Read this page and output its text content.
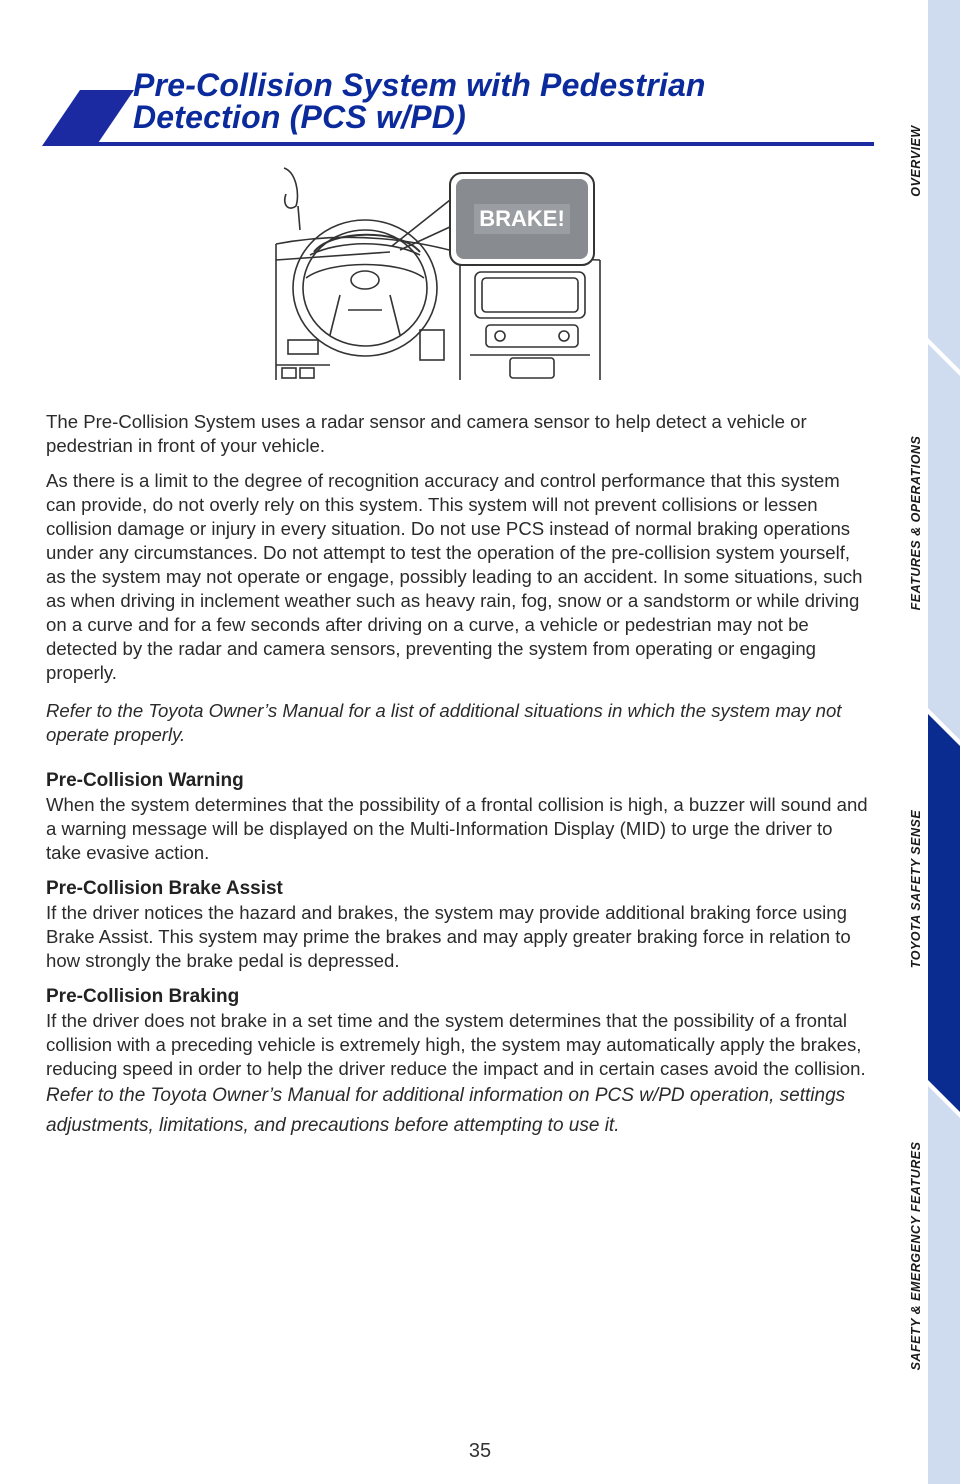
Pre-Collision System with Pedestrian
Detection (PCS w/PD)
BRAKE!

The Pre-Collision System uses a radar sensor and camera sensor to help detect a vehicle or pedestrian in front of your vehicle.

As there is a limit to the degree of recognition accuracy and control performance that this system can provide, do not overly rely on this system. This system will not prevent collisions or lessen collision damage or injury in every situation. Do not use PCS instead of normal braking operations under any circumstances. Do not attempt to test the operation of the pre-collision system yourself, as the system may not operate or engage, possibly leading to an accident. In some situations, such as when driving in inclement weather such as heavy rain, fog, snow or a sandstorm or while driving on a curve and for a few seconds after driving on a curve, a vehicle or pedestrian may not be detected by the radar and camera sensors, preventing the system from operating or engaging properly.

Refer to the Toyota Owner’s Manual for a list of additional situations in which the system may not operate properly.

Pre-Collision Warning

When the system determines that the possibility of a frontal collision is high, a buzzer will sound and a warning message will be displayed on the Multi-Information Display (MID) to urge the driver to take evasive action.

Pre-Collision Brake Assist

If the driver notices the hazard and brakes, the system may provide additional braking force using Brake Assist. This system may prime the brakes and may apply greater braking force in relation to how strongly the brake pedal is depressed.

Pre-Collision Braking

If the driver does not brake in a set time and the system determines that the possibility of a frontal collision with a preceding vehicle is extremely high, the system may automatically apply the brakes, reducing speed in order to help the driver reduce the impact and in certain cases avoid the collision.

Refer to the Toyota Owner’s Manual for additional information on PCS w/PD operation, settings adjustments, limitations, and precautions before attempting to use it.

35
OVERVIEW
FEATURES & OPERATIONS
TOYOTA SAFETY SENSE
SAFETY & EMERGENCY FEATURES
